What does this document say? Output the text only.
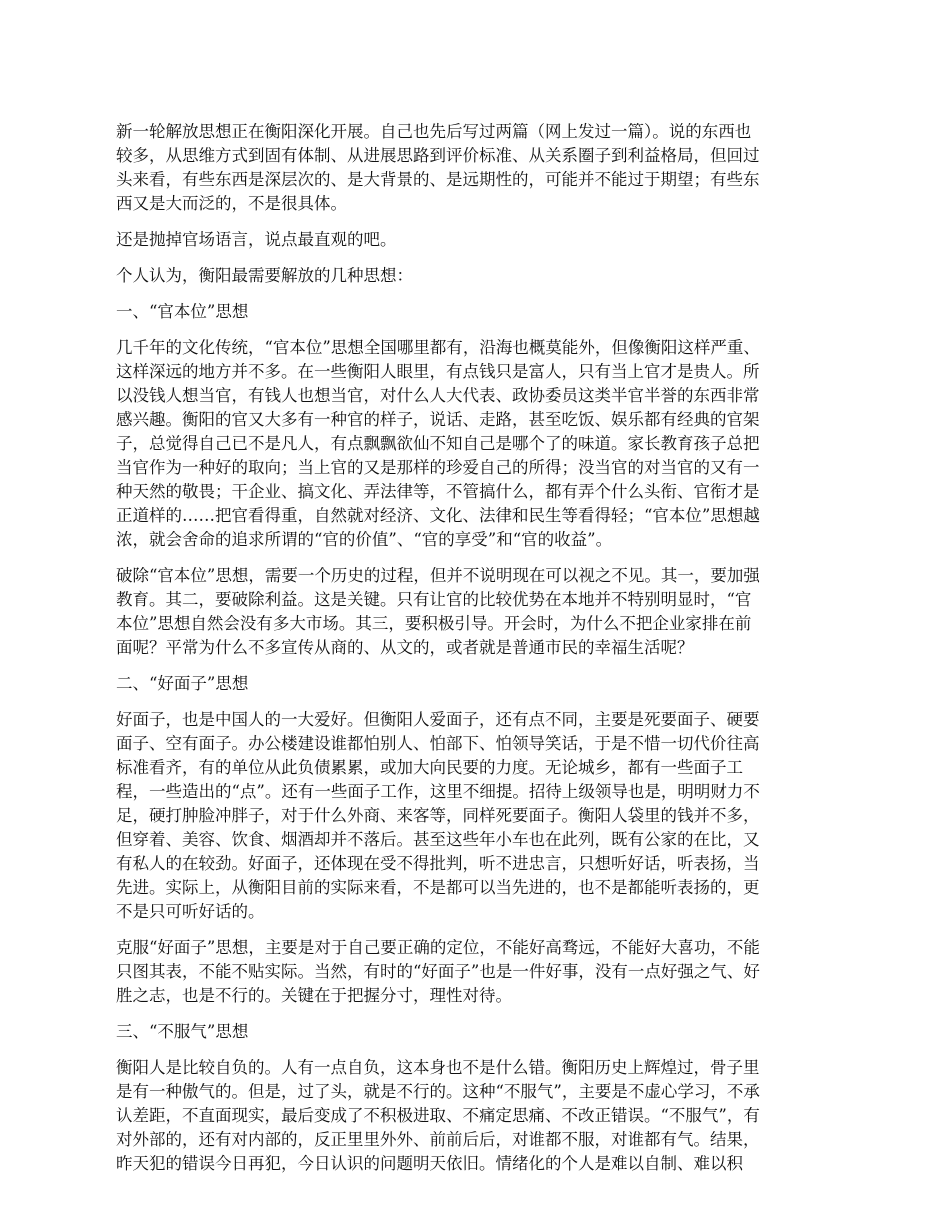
新一轮解放思想正在衡阳深化开展。自己也先后写过两篇（网上发过一篇）。说的东西也
较多，从思维方式到固有体制、从进展思路到评价标准、从关系圈子到利益格局，但回过
头来看，有些东西是深层次的、是大背景的、是远期性的，可能并不能过于期望；有些东
西又是大而泛的，不是很具体。

还是抛掉官场语言，说点最直观的吧。

个人认为，衡阳最需要解放的几种思想：

一、“官本位”思想

几千年的文化传统，“官本位”思想全国哪里都有，沿海也概莫能外，但像衡阳这样严重、
这样深远的地方并不多。在一些衡阳人眼里，有点钱只是富人，只有当上官才是贵人。所
以没钱人想当官，有钱人也想当官，对什么人大代表、政协委员这类半官半誉的东西非常
感兴趣。衡阳的官又大多有一种官的样子，说话、走路，甚至吃饭、娱乐都有经典的官架
子，总觉得自己已不是凡人，有点飘飘欲仙不知自己是哪个了的味道。家长教育孩子总把
当官作为一种好的取向；当上官的又是那样的珍爱自己的所得；没当官的对当官的又有一
种天然的敬畏；干企业、搞文化、弄法律等，不管搞什么，都有弄个什么头衔、官衔才是
正道样的……把官看得重，自然就对经济、文化、法律和民生等看得轻；“官本位”思想越
浓，就会舍命的追求所谓的“官的价值”、“官的享受”和“官的收益”。

破除“官本位”思想，需要一个历史的过程，但并不说明现在可以视之不见。其一，要加强
教育。其二，要破除利益。这是关键。只有让官的比较优势在本地并不特别明显时，“官
本位”思想自然会没有多大市场。其三，要积极引导。开会时，为什么不把企业家排在前
面呢？平常为什么不多宣传从商的、从文的，或者就是普通市民的幸福生活呢？

二、“好面子”思想

好面子，也是中国人的一大爱好。但衡阳人爱面子，还有点不同，主要是死要面子、硬要
面子、空有面子。办公楼建设谁都怕别人、怕部下、怕领导笑话，于是不惜一切代价往高
标准看齐，有的单位从此负债累累，或加大向民要的力度。无论城乡，都有一些面子工
程，一些造出的“点”。还有一些面子工作，这里不细提。招待上级领导也是，明明财力不
足，硬打肿脸冲胖子，对于什么外商、来客等，同样死要面子。衡阳人袋里的钱并不多，
但穿着、美容、饮食、烟酒却并不落后。甚至这些年小车也在此列，既有公家的在比，又
有私人的在较劲。好面子，还体现在受不得批判，听不进忠言，只想听好话，听表扬，当
先进。实际上，从衡阳目前的实际来看，不是都可以当先进的，也不是都能听表扬的，更
不是只可听好话的。

克服“好面子”思想，主要是对于自己要正确的定位，不能好高骛远，不能好大喜功，不能
只图其表，不能不贴实际。当然，有时的“好面子”也是一件好事，没有一点好强之气、好
胜之志，也是不行的。关键在于把握分寸，理性对待。

三、“不服气”思想

衡阳人是比较自负的。人有一点自负，这本身也不是什么错。衡阳历史上辉煌过，骨子里
是有一种傲气的。但是，过了头，就是不行的。这种“不服气”，主要是不虚心学习，不承
认差距，不直面现实，最后变成了不积极进取、不痛定思痛、不改正错误。“不服气”，有
对外部的，还有对内部的，反正里里外外、前前后后，对谁都不服，对谁都有气。结果，
昨天犯的错误今日再犯，今日认识的问题明天依旧。情绪化的个人是难以自制、难以积
